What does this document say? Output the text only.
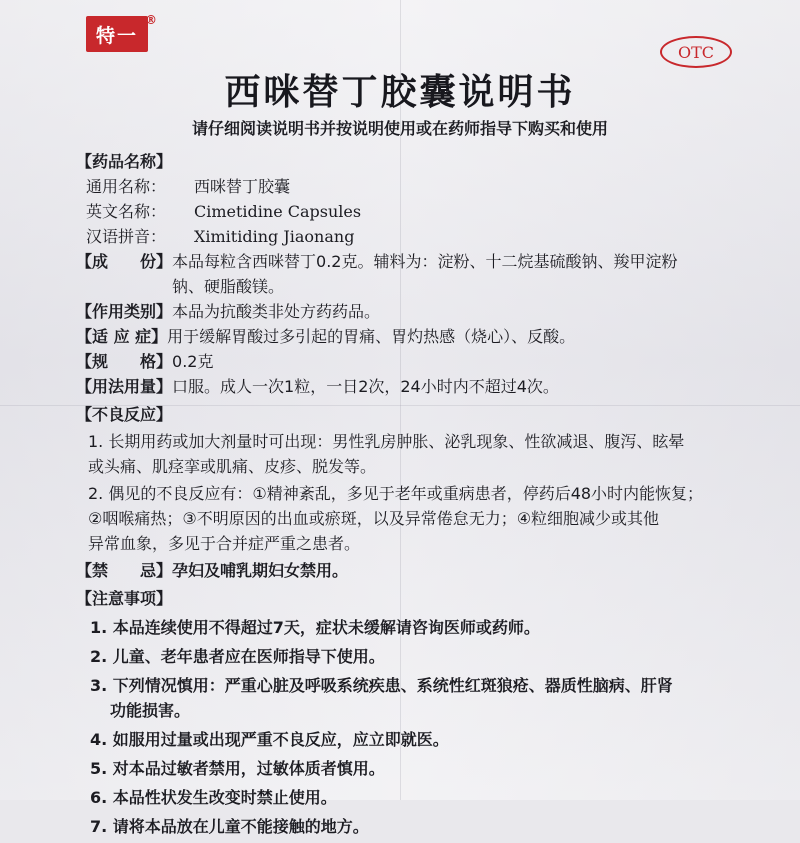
特一
®
OTC
西咪替丁胶囊说明书
请仔细阅读说明书并按说明使用或在药师指导下购买和使用
【药品名称】
通用名称：	西咪替丁胶囊
英文名称：	Cimetidine Capsules
汉语拼音：	Ximitiding Jiaonang
【成　　份】 本品每粒含西咪替丁0.2克。辅料为：淀粉、十二烷基硫酸钠、羧甲淀粉
钠、硬脂酸镁。
【作用类别】 本品为抗酸类非处方药药品。
【适 应 症】 用于缓解胃酸过多引起的胃痛、胃灼热感（烧心）、反酸。
【规　　格】 0.2克
【用法用量】 口服。成人一次1粒，一日2次，24小时内不超过4次。
【不良反应】
1. 长期用药或加大剂量时可出现：男性乳房肿胀、泌乳现象、性欲减退、腹泻、眩晕
或头痛、肌痉挛或肌痛、皮疹、脱发等。
2. 偶见的不良反应有：①精神紊乱，多见于老年或重病患者，停药后48小时内能恢复；
②咽喉痛热；③不明原因的出血或瘀斑，以及异常倦怠无力；④粒细胞减少或其他
异常血象，多见于合并症严重之患者。
【禁　　忌】 孕妇及哺乳期妇女禁用。
【注意事项】
1. 本品连续使用不得超过7天，症状未缓解请咨询医师或药师。
2. 儿童、老年患者应在医师指导下使用。
3. 下列情况慎用：严重心脏及呼吸系统疾患、系统性红斑狼疮、器质性脑病、肝肾
功能损害。
4. 如服用过量或出现严重不良反应，应立即就医。
5. 对本品过敏者禁用，过敏体质者慎用。
6. 本品性状发生改变时禁止使用。
7. 请将本品放在儿童不能接触的地方。
